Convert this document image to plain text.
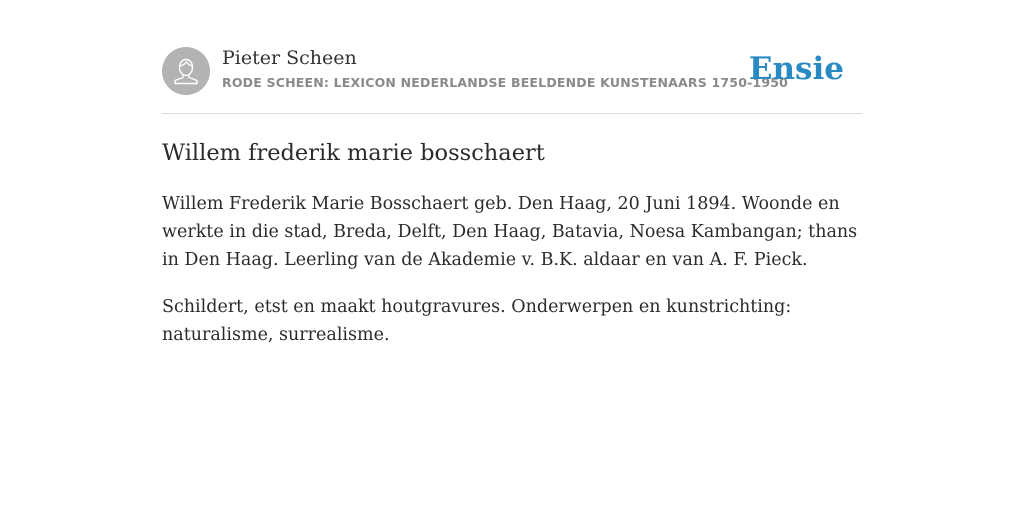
Pieter Scheen
RODE SCHEEN: LEXICON NEDERLANDSE BEELDENDE KUNSTENAARS 1750-1950
Ensie
Willem frederik marie bosschaert

Willem Frederik Marie Bosschaert geb. Den Haag, 20 Juni 1894. Woonde en werkte in die stad, Breda, Delft, Den Haag, Batavia, Noesa Kambangan; thans in Den Haag. Leerling van de Akademie v. B.K. aldaar en van A. F. Pieck.

Schildert, etst en maakt houtgravures. Onderwerpen en kunstrichting: naturalisme, surrealisme.
